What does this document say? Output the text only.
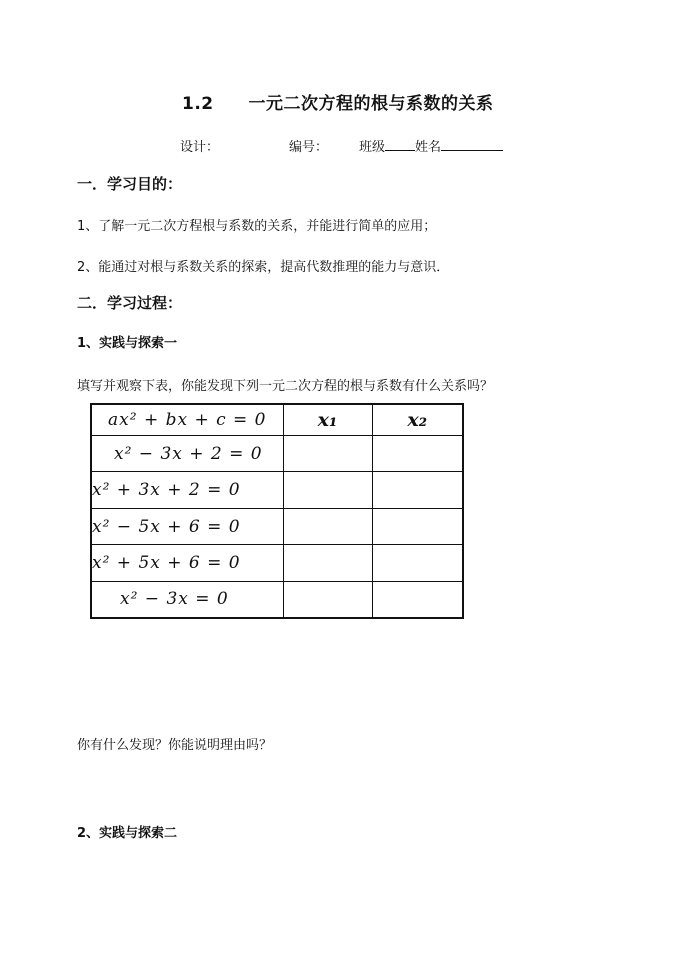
1.2 一元二次方程的根与系数的关系
设计：	编号： 班级 姓名
一．学习目的：
1、了解一元二次方程根与系数的关系，并能进行简单的应用；
2、能通过对根与系数关系的探索，提高代数推理的能力与意识．
二．学习过程：
1、实践与探索一
填写并观察下表，你能发现下列一元二次方程的根与系数有什么关系吗？
ax² + bx + c = 0	x₁	x₂
x² − 3x + 2 = 0		
x² + 3x + 2 = 0		
x² − 5x + 6 = 0		
x² + 5x + 6 = 0		
x² − 3x = 0		
你有什么发现？你能说明理由吗？
2、实践与探索二
